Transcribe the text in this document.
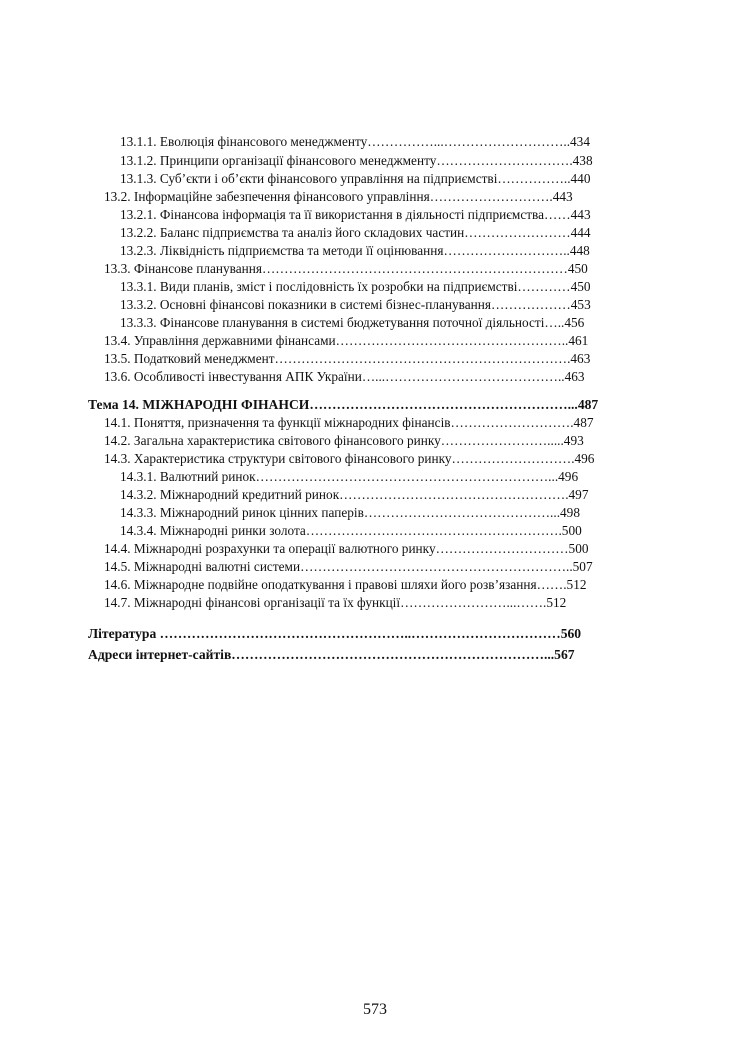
13.1.1. Еволюція фінансового менеджменту……………...………………………..434
13.1.2. Принципи організації фінансового менеджменту………………………….438
13.1.3. Суб’єкти і об’єкти фінансового управління на підприємстві……………..440
13.2. Інформаційне забезпечення фінансового управління……………………….443
13.2.1. Фінансова інформація та її використання в діяльності підприємства……443
13.2.2. Баланс підприємства та аналіз його складових частин……………………444
13.2.3. Ліквідність підприємства та методи її оцінювання………………………..448
13.3. Фінансове планування……………………………………………………………450
13.3.1. Види планів, зміст і послідовність їх розробки на підприємстві…………450
13.3.2. Основні фінансові показники в системі бізнес-планування………………453
13.3.3. Фінансове планування в системі бюджетування поточної діяльності…..456
13.4. Управління державними фінансами……………………………………………..461
13.5. Податковий менеджмент………………………………………………………….463
13.6. Особливості інвестування АПК України…...…………………………………..463
Тема 14. МІЖНАРОДНІ ФІНАНСИ…………………………………………………...487
14.1. Поняття, призначення та функції міжнародних фінансів……………………….487
14.2. Загальна характеристика світового фінансового ринку…………………….....493
14.3. Характеристика структури світового фінансового ринку……………………….496
14.3.1. Валютний ринок…………………………………………………………...496
14.3.2. Міжнародний кредитний ринок…………………………………………….497
14.3.3. Міжнародний ринок цінних паперів……………………………………...498
14.3.4. Міжнародні ринки золота………………………………………………….500
14.4. Міжнародні розрахунки та операції валютного ринку…………………………500
14.5. Міжнародні валютні системи……………………………………………………..507
14.6. Міжнародне подвійне оподаткування і правові шляхи його розв’язання…….512
14.7. Міжнародні фінансові організації та їх функції……………………...…….512
Література ………………………………………………..……………………………560
Адреси інтернет-сайтів……………………………………………………………...567
573
